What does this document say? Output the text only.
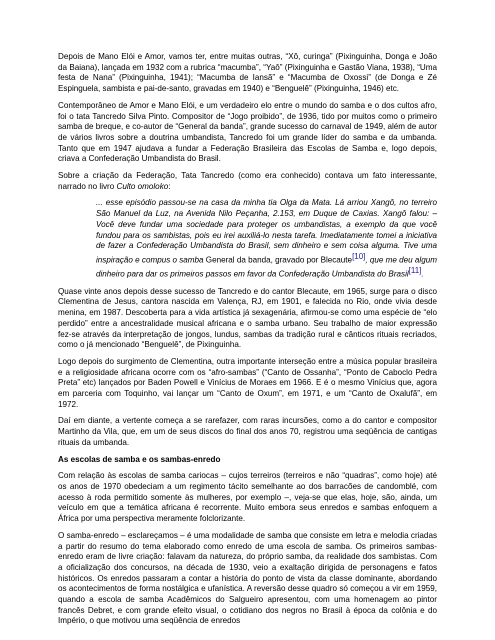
Depois de Mano Elói e Amor, vamos ter, entre muitas outras, “Xô, curinga” (Pixinguinha, Donga e João da Baiana), lançada em 1932 com a rubrica “macumba”, “Yaô” (Pixinguinha e Gastão Viana, 1938), “Uma festa de Nana” (Pixinguinha, 1941); “Macumba de Iansã” e “Macumba de Oxossi” (de Donga e Zé Espinguela, sambista e pai-de-santo, gravadas em 1940) e “Benguelê” (Pixinguinha, 1946) etc.

Contemporâneo de Amor e Mano Elói, e um verdadeiro elo entre o mundo do samba e o dos cultos afro, foi o tata Tancredo Silva Pinto. Compositor de “Jogo proibido”, de 1936, tido por muitos como o primeiro samba de breque, e co-autor de “General da banda”, grande sucesso do carnaval de 1949, além de autor de vários livros sobre a doutrina umbandista, Tancredo foi um grande líder do samba e da umbanda. Tanto que em 1947 ajudava a fundar a Federação Brasileira das Escolas de Samba e, logo depois, criava a Confederação Umbandista do Brasil.

Sobre a criação da Federação, Tata Tancredo (como era conhecido) contava um fato interessante, narrado no livro Culto omoloko:

... esse episódio passou-se na casa da minha tia Olga da Mata. Lá arriou Xangô, no terreiro São Manuel da Luz, na Avenida Nilo Peçanha, 2.153, em Duque de Caxias. Xangô falou: – Você deve fundar uma sociedade para proteger os umbandistas, a exemplo da que você fundou para os sambistas, pois eu irei auxiliá-lo nesta tarefa. Imediatamente tomei a iniciativa de fazer a Confederação Umbandista do Brasil, sem dinheiro e sem coisa alguma. Tive uma inspiração e compus o samba General da banda, gravado por Blecaute[10], que me deu algum dinheiro para dar os primeiros passos em favor da Confederação Umbandista do Brasil[11].

Quase vinte anos depois desse sucesso de Tancredo e do cantor Blecaute, em 1965, surge para o disco Clementina de Jesus, cantora nascida em Valença, RJ, em 1901, e falecida no Rio, onde vivia desde menina, em 1987. Descoberta para a vida artística já sexagenária, afirmou-se como uma espécie de “elo perdido” entre a ancestralidade musical africana e o samba urbano. Seu trabalho de maior expressão fez-se através da interpretação de jongos, lundus, sambas da tradição rural e cânticos rituais recriados, como o já mencionado “Benguelê”, de Pixinguinha.

Logo depois do surgimento de Clementina, outra importante interseção entre a música popular brasileira e a religiosidade africana ocorre com os “afro-sambas” (“Canto de Ossanha”, “Ponto de Caboclo Pedra Preta” etc) lançados por Baden Powell e Vinícius de Moraes em 1966. E é o mesmo Vinícius que, agora em parceria com Toquinho, vai lançar um “Canto de Oxum”, em 1971, e um “Canto de Oxalufã”, em 1972.

Daí em diante, a vertente começa a se rarefazer, com raras incursões, como a do cantor e compositor Martinho da Vila, que, em um de seus discos do final dos anos 70, registrou uma seqüência de cantigas rituais da umbanda.

As escolas de samba e os sambas-enredo

Com relação às escolas de samba cariocas – cujos terreiros (terreiros e não “quadras”, como hoje) até os anos de 1970 obedeciam a um regimento tácito semelhante ao dos barracões de candomblé, com acesso à roda permitido somente às mulheres, por exemplo –, veja-se que elas, hoje, são, ainda, um veículo em que a temática africana é recorrente. Muito embora seus enredos e sambas enfoquem a África por uma perspectiva meramente folclorizante.

O samba-enredo – esclareçamos – é uma modalidade de samba que consiste em letra e melodia criadas a partir do resumo do tema elaborado como enredo de uma escola de samba. Os primeiros sambas-enredo eram de livre criação: falavam da natureza, do próprio samba, da realidade dos sambistas. Com a oficialização dos concursos, na década de 1930, veio a exaltação dirigida de personagens e fatos históricos. Os enredos passaram a contar a história do ponto de vista da classe dominante, abordando os acontecimentos de forma nostálgica e ufanística. A reversão desse quadro só começou a vir em 1959, quando a escola de samba Acadêmicos do Salgueiro apresentou, com uma homenagem ao pintor francês Debret, e com grande efeito visual, o cotidiano dos negros no Brasil à época da colônia e do Império, o que motivou uma seqüência de enredos
